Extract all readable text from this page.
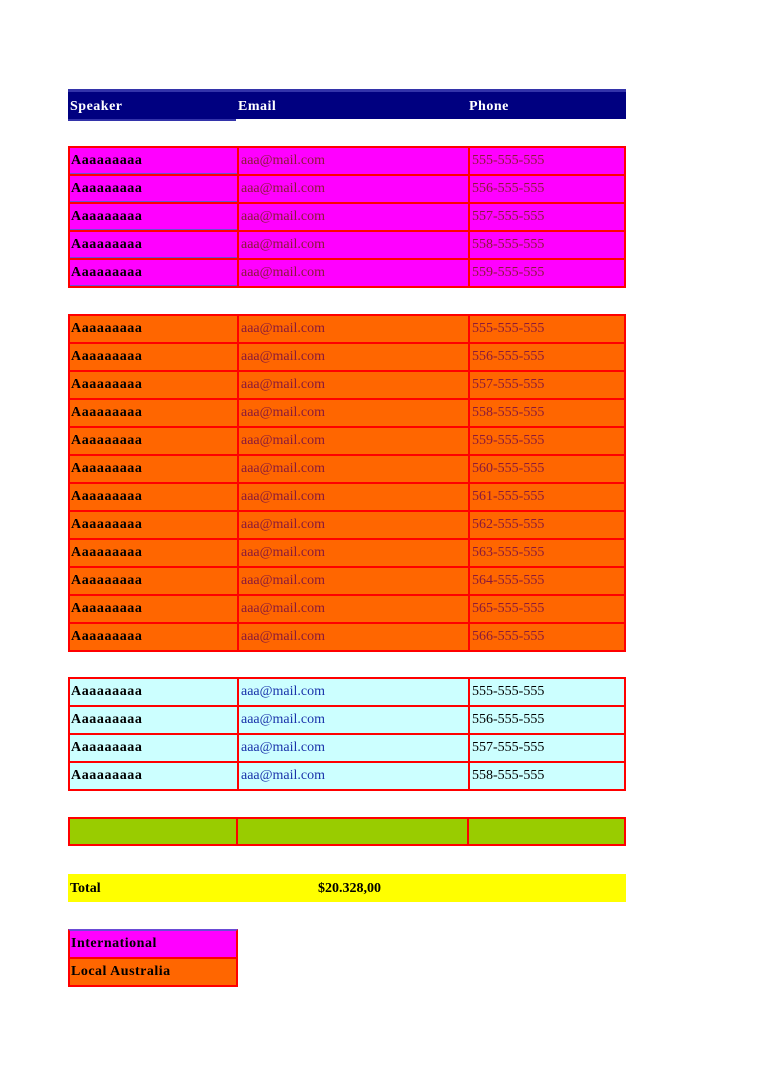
Speaker	Email	Phone
Aaaaaaaaa	aaa@mail.com	555-555-555
Aaaaaaaaa	aaa@mail.com	556-555-555
Aaaaaaaaa	aaa@mail.com	557-555-555
Aaaaaaaaa	aaa@mail.com	558-555-555
Aaaaaaaaa	aaa@mail.com	559-555-555
Aaaaaaaaa	aaa@mail.com	555-555-555
Aaaaaaaaa	aaa@mail.com	556-555-555
Aaaaaaaaa	aaa@mail.com	557-555-555
Aaaaaaaaa	aaa@mail.com	558-555-555
Aaaaaaaaa	aaa@mail.com	559-555-555
Aaaaaaaaa	aaa@mail.com	560-555-555
Aaaaaaaaa	aaa@mail.com	561-555-555
Aaaaaaaaa	aaa@mail.com	562-555-555
Aaaaaaaaa	aaa@mail.com	563-555-555
Aaaaaaaaa	aaa@mail.com	564-555-555
Aaaaaaaaa	aaa@mail.com	565-555-555
Aaaaaaaaa	aaa@mail.com	566-555-555
Aaaaaaaaa	aaa@mail.com	555-555-555
Aaaaaaaaa	aaa@mail.com	556-555-555
Aaaaaaaaa	aaa@mail.com	557-555-555
Aaaaaaaaa	aaa@mail.com	558-555-555
Total	$20.328,00
International
Local Australia
